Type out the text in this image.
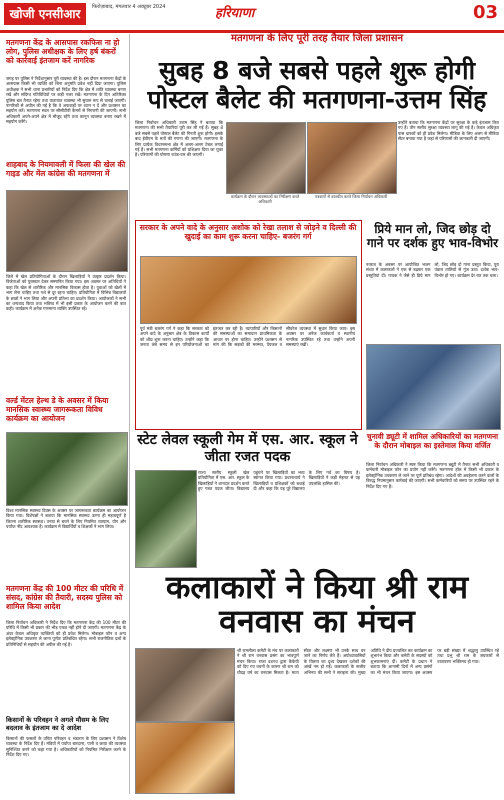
खोजी एनसीआर	फिरोज़ाबाद, मंगलवार 4 अक्टूबर 2024	हरियाणा	03
मतगणना केंद्र के आसपास रकफिस ना हो लोग, पुलिस अधीक्षक के लिए हर्ष बंकरों को कार्रवाई इंतजाम करें नागरिक
जगह पर पुलिस ने निर्देशानुसार पूरी व्यवस्था की है। इस दौरान मतगणना केंद्रों के आसपास किसी भी व्यक्ति को बिना अनुमति प्रवेश नहीं दिया जाएगा। पुलिस अधीक्षक ने सभी थाना प्रभारियों को निर्देश दिए कि क्षेत्र में शांति व्यवस्था बनाए रखें और संदिग्ध गतिविधियों पर कड़ी नजर रखें। मतगणना के दिन अतिरिक्त पुलिस बल तैनात रहेगा तथा यातायात व्यवस्था भी सुचारु रूप से चलाई जाएगी। नागरिकों से अपील की गई है कि वे अफवाहों पर ध्यान न दें और प्रशासन का सहयोग करें। मतगणना स्थल पर सीसीटीवी कैमरों से निगरानी की जाएगी। सभी अधिकारी अपने-अपने क्षेत्र में मौजूद रहेंगे तथा कानून व्यवस्था बनाए रखने में सहयोग करेंगे।
शाहबाद के नियमावली में फिला की खेल की गाइड और मेंल कांग्रेस की मतगणना में
जिले में खेल प्रतियोगिताओं के दौरान खिलाड़ियों ने उत्कृष्ट प्रदर्शन किया। विजेताओं को पुरस्कार देकर सम्मानित किया गया। इस अवसर पर अतिथियों ने कहा कि खेल से शारीरिक और मानसिक विकास होता है। युवाओं को खेलों में भाग लेना चाहिए तथा नशे से दूर रहना चाहिए। प्रतियोगिता में विभिन्न विद्यालयों के छात्रों ने भाग लिया और अपनी प्रतिभा का प्रदर्शन किया। आयोजकों ने सभी का धन्यवाद किया तथा भविष्य में भी इसी प्रकार के आयोजन करने की बात कही। कार्यक्रम में अनेक गणमान्य व्यक्ति उपस्थित रहे।
वर्ल्ड मेंटल हेल्थ डे के अवसर में किया मानसिक स्वास्थ्य जागरूकता विविध कार्यक्रम का आयोजन
विश्व मानसिक स्वास्थ्य दिवस के अवसर पर जागरूकता कार्यक्रम का आयोजन किया गया। विशेषज्ञों ने बताया कि मानसिक स्वास्थ्य उतना ही महत्वपूर्ण है जितना शारीरिक स्वास्थ्य। तनाव से बचने के लिए नियमित व्यायाम, योग और पर्याप्त नींद आवश्यक है। कार्यक्रम में विद्यार्थियों व शिक्षकों ने भाग लिया।
मतगणना केंद्र की 100 मीटर की परिधि में संसद, कांग्रेस की तैयारी, सदस्य पुलिस को शामिल किया आदेश
जिला निर्वाचन अधिकारी ने निर्देश दिए कि मतगणना केंद्र की 100 मीटर की परिधि में किसी भी प्रकार की भीड़ एकत्र नहीं होने दी जाएगी। मतगणना केंद्र के अंदर केवल अधिकृत व्यक्तियों को ही प्रवेश मिलेगा। मोबाइल फोन व अन्य इलेक्ट्रॉनिक उपकरण ले जाना पूर्णतः प्रतिबंधित रहेगा। सभी राजनीतिक दलों के प्रतिनिधियों से सहयोग की अपील की गई है।
किसानों के परिवहन ने अगले मौसम के लिए बदलाव के इंतजाम का दे आदेश
किसानों की फसलों के उचित परिवहन व भंडारण के लिए प्रशासन ने विशेष व्यवस्था के निर्देश दिए हैं। मंडियों में पर्याप्त बारदाना, पानी व छाया की व्यवस्था सुनिश्चित करने को कहा गया है। अधिकारियों को नियमित निरीक्षण करने के निर्देश दिए गए।
मतगणना के लिए पूरी तरह तैयार जिला प्रशासन
सुबह 8 बजे सबसे पहले शुरू होगी पोस्टल बैलेट की मतगणना-उत्तम सिंह
जिला निर्वाचन अधिकारी उत्तम सिंह ने बताया कि मतगणना की सभी तैयारियां पूरी कर ली गई हैं। सुबह 8 बजे सबसे पहले पोस्टल बैलेट की गिनती शुरू होगी। इसके बाद ईवीएम के मतों की गणना की जाएगी। मतगणना के लिए प्रत्येक विधानसभा क्षेत्र में अलग-अलग टेबल लगाई गई हैं। सभी मतगणना कर्मियों को प्रशिक्षण दिया जा चुका है। परिणामों की घोषणा राउंड-वार की जाएगी।
कार्यक्रम के दौरान व्यवस्थाओं का निरीक्षण करते अधिकारी
पत्रकारों से बातचीत करते जिला निर्वाचन अधिकारी
उन्होंने बताया कि मतगणना केंद्रों पर सुरक्षा के कड़े इंतजाम किए गए हैं। तीन स्तरीय सुरक्षा व्यवस्था लागू की गई है। केवल अधिकृत पास धारकों को ही प्रवेश मिलेगा। मीडिया के लिए अलग से मीडिया सेंटर बनाया गया है जहां से परिणामों की जानकारी दी जाएगी।
सरकार के अपने वादे के अनुसार अशोक को रेखा तलाश से जोड़ने व दिल्ली की खुदाई का काम शुरू करना चाहिए- बजरंग गर्ग
पूर्व मंत्री बजरंग गर्ग ने कहा कि सरकार को अपने वादे के अनुसार क्षेत्र के विकास कार्यों को शीघ्र शुरू करना चाहिए। उन्होंने कहा कि जनता लंबे समय से इन परियोजनाओं का इंतजार कर रही है। व्यापारियों और किसानों की समस्याओं का समाधान प्राथमिकता के आधार पर होना चाहिए। उन्होंने प्रशासन से मांग की कि सड़कों की मरम्मत, पेयजल व सीवरेज व्यवस्था में सुधार किया जाए। इस अवसर पर अनेक कार्यकर्ता व स्थानीय नागरिक उपस्थित रहे तथा उन्होंने अपनी समस्याएं रखीं।
प्रिये मान लो, जिद छोड़ दो गाने पर दर्शक हुए भाव-विभोर
नवरात्र के अवसर पर आयोजित भजन संध्या में कलाकारों ने एक से बढ़कर एक प्रस्तुतियां दीं। गायक ने जैसे ही प्रिये मान लो, जिद छोड़ दो गाना प्रस्तुत किया, पूरा पंडाल तालियों से गूंज उठा। दर्शक भाव-विभोर हो गए। कार्यक्रम देर रात तक चला।
स्टेट लेवल स्कूली गेम में एस. आर. स्कूल ने जीता रजत पदक
राज्य स्तरीय स्कूली खेल प्रतियोगिता में एस. आर. स्कूल के खिलाड़ियों ने शानदार प्रदर्शन करते हुए रजत पदक जीता। विद्यालय पहुंचने पर खिलाड़ियों का भव्य स्वागत किया गया। प्रधानाचार्य ने खिलाड़ियों व प्रशिक्षकों को बधाई दी और कहा कि यह पूरे विद्यालय के लिए गर्व का विषय है। खिलाड़ियों ने कड़ी मेहनत से यह उपलब्धि हासिल की।
चुनावी ड्यूटी में शामिल अधिकारियों का मतगणना के दौरान मोबाइल का इस्तेमाल किया वर्जित
जिला निर्वाचन अधिकारी ने स्पष्ट किया कि मतगणना ड्यूटी में तैनात सभी अधिकारी व कर्मचारी मोबाइल फोन का प्रयोग नहीं करेंगे। मतगणना हॉल में किसी भी प्रकार के इलेक्ट्रॉनिक उपकरण ले जाने पर पूर्ण प्रतिबंध रहेगा। आदेशों की अवहेलना करने वालों के विरुद्ध नियमानुसार कार्रवाई की जाएगी। सभी कर्मचारियों को समय पर उपस्थित रहने के निर्देश दिए गए हैं।
कलाकारों ने किया श्री राम वनवास का मंचन
श्री रामलीला कमेटी के मंच पर कलाकारों ने श्री राम वनवास प्रसंग का भावपूर्ण मंचन किया। राजा दशरथ द्वारा कैकेयी को दिए गए वचनों के कारण श्री राम को चौदह वर्ष का वनवास मिलता है। माता सीता और लक्ष्मण भी उनके साथ वन जाने का निर्णय लेते हैं। अयोध्यावासियों के विलाप का दृश्य देखकर दर्शकों की आंखें नम हो गईं। कलाकारों के सजीव अभिनय की सभी ने सराहना की। मुख्य अतिथि ने दीप प्रज्वलित कर कार्यक्रम का शुभारंभ किया और कमेटी के सदस्यों को शुभकामनाएं दीं। कमेटी के प्रधान ने बताया कि आगामी दिनों में अन्य प्रसंगों का भी मंचन किया जाएगा। इस अवसर पर बड़ी संख्या में श्रद्धालु उपस्थित रहे तथा प्रभु श्री राम के जयकारों से वातावरण भक्तिमय हो गया।
